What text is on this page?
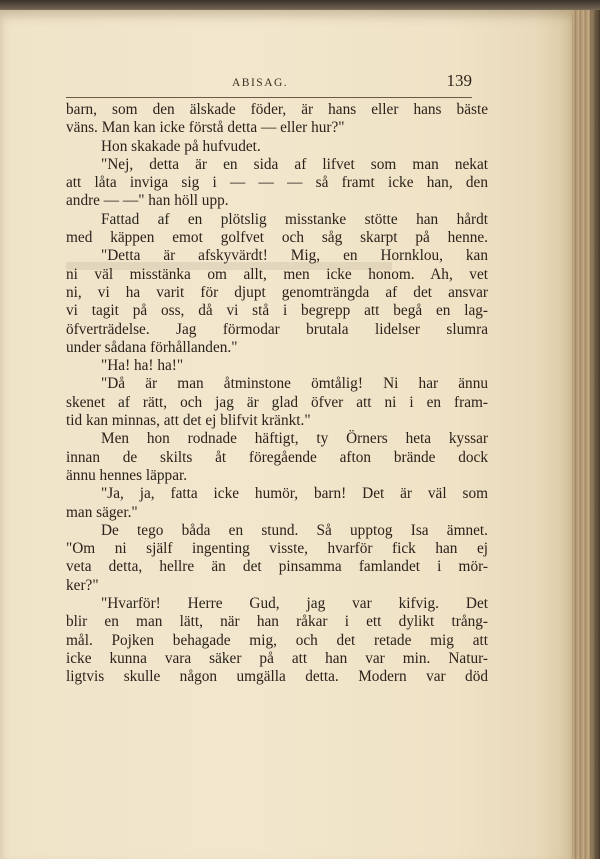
ABISAG.	139
barn, som den älskade föder, är hans eller hans bäste
väns. Man kan icke förstå detta — eller hur?"
Hon skakade på hufvudet.
"Nej, detta är en sida af lifvet som man nekat
att låta inviga sig i — — — så framt icke han, den
andre — —" han höll upp.
Fattad af en plötslig misstanke stötte han hårdt
med käppen emot golfvet och såg skarpt på henne.
"Detta är afskyvärdt! Mig, en Hornklou, kan
ni väl misstänka om allt, men icke honom. Ah, vet
ni, vi ha varit för djupt genomträngda af det ansvar
vi tagit på oss, då vi stå i begrepp att begå en lag-
öfverträdelse. Jag förmodar brutala lidelser slumra
under sådana förhållanden."
"Ha! ha! ha!"
"Då är man åtminstone ömtålig! Ni har ännu
skenet af rätt, och jag är glad öfver att ni i en fram-
tid kan minnas, att det ej blifvit kränkt."
Men hon rodnade häftigt, ty Örners heta kyssar
innan de skilts åt föregående afton brände dock
ännu hennes läppar.
"Ja, ja, fatta icke humör, barn! Det är väl som
man säger."
De tego båda en stund. Så upptog Isa ämnet.
"Om ni själf ingenting visste, hvarför fick han ej
veta detta, hellre än det pinsamma famlandet i mör-
ker?"
"Hvarför! Herre Gud, jag var kifvig. Det
blir en man lätt, när han råkar i ett dylikt trång-
mål. Pojken behagade mig, och det retade mig att
icke kunna vara säker på att han var min. Natur-
ligtvis skulle någon umgälla detta. Modern var död
